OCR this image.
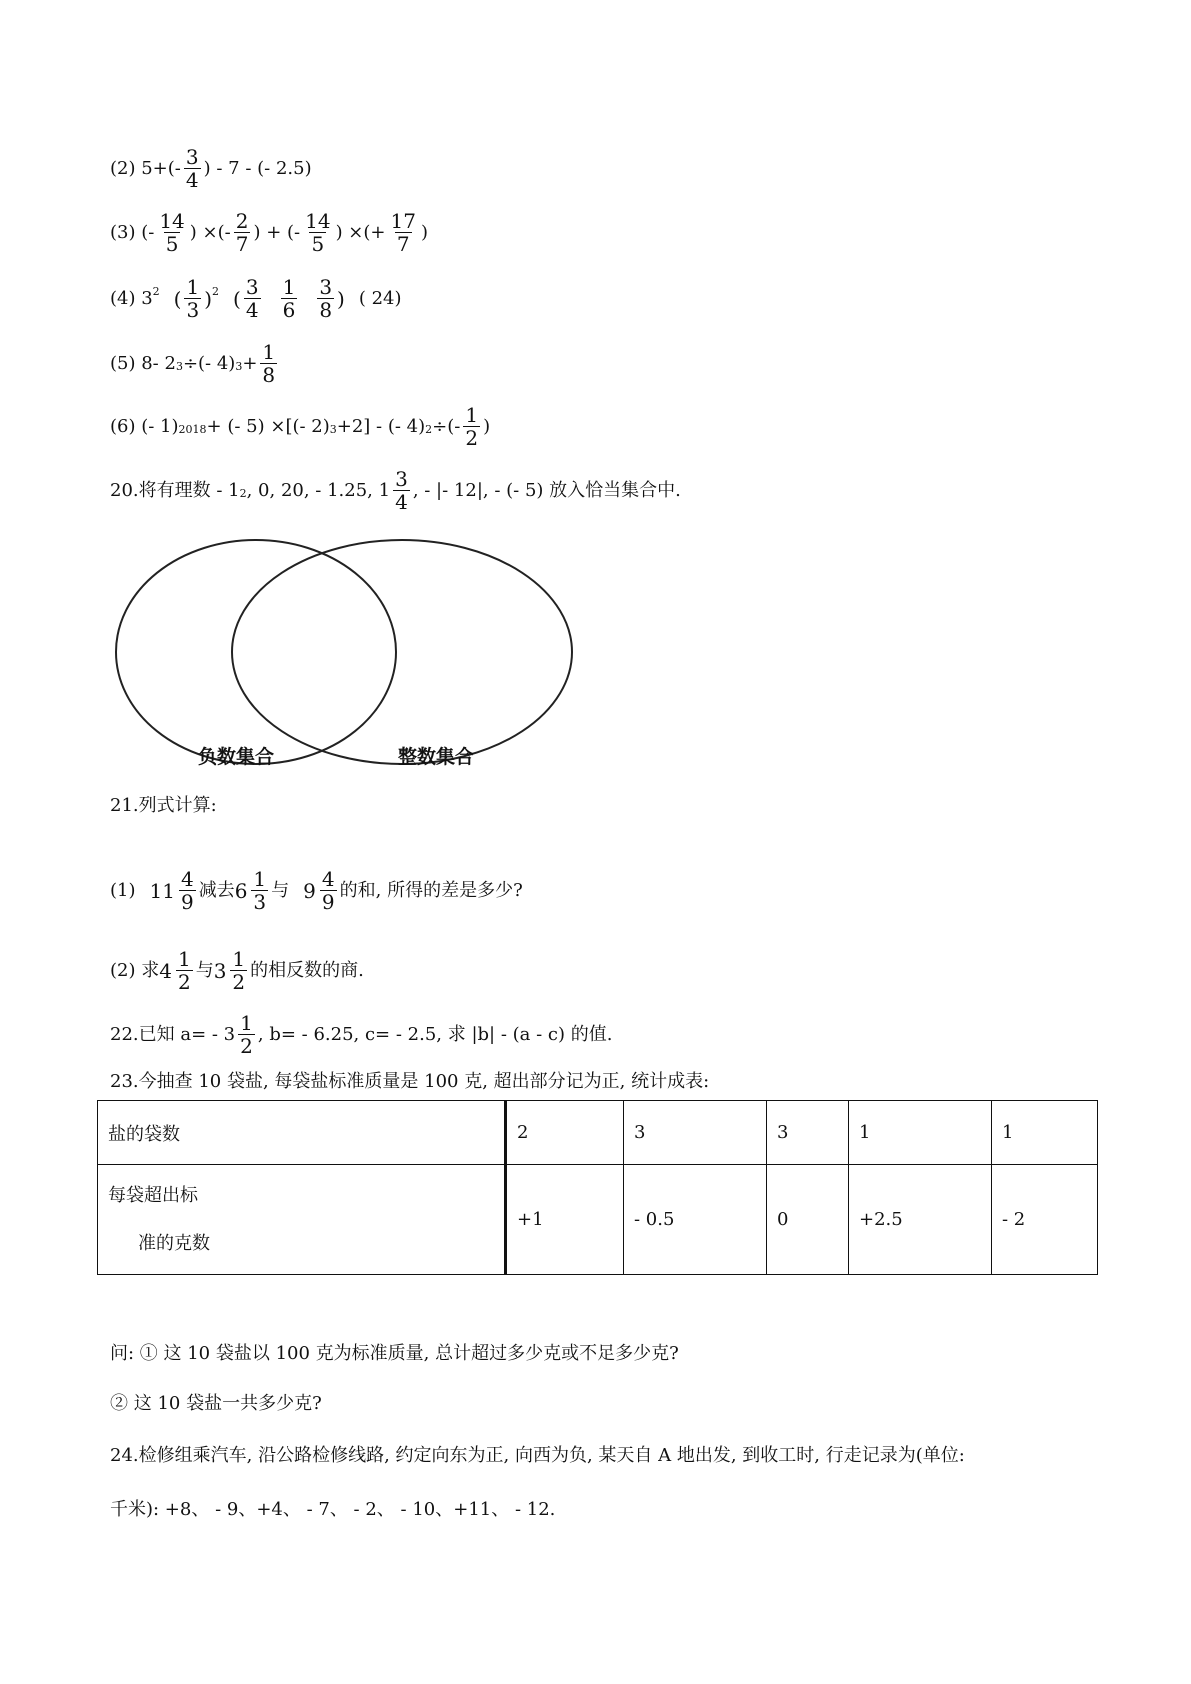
(2) $5+(- \frac{3}{4}$ ) - 7 - (- 2.5)
(3) (- $\frac{14}{5}$ ) ×(- $\frac{2}{7}$ ) + (- $\frac{14}{5}$ ) ×(+ $\frac{17}{7}$ )
(4) 3 2 ( $\frac{1}{3}$ ) 2 ( $\frac{3}{4} \frac{1}{6} \frac{3}{8}$ ) ( 24)
(5) 8- 2 3 ÷(- 4) $3 + \frac{1}{8}$
(6) (- 1) 2018 + (- 5) ×[(- 2) 3 +2] - (- 4) 2 ÷(- $\frac{1}{2}$ )
20.将有理数 - 1 2 , 0, 20, - 1.25, $1 \frac{3}{4}$ , - |- 12|, - (- 5) 放入恰当集合中.
负数集合	整数集合
21.列式计算:
(1) $11 \frac{4}{9}$ 减去 $6 \frac{1}{3}$ 与 $9 \frac{4}{9}$ 的和, 所得的差是多少?
(2) 求 $4 \frac{1}{2}$ 与 $3 \frac{1}{2}$ 的相反数的商.
22.已知 $a= - 3 \frac{1}{2}$ , b= - 6.25, c= - 2.5, 求 |b| - (a - c) 的值.
23.今抽查 10 袋盐, 每袋盐标准质量是 100 克, 超出部分记为正, 统计成表:
盐的袋数	2	3	3	1	1

每袋超出标
准的克数	+1	- 0.5	0	+2.5	- 2
问: ① 这 10 袋盐以 100 克为标准质量, 总计超过多少克或不足多少克?
② 这 10 袋盐一共多少克?
24.检修组乘汽车, 沿公路检修线路, 约定向东为正, 向西为负, 某天自 A 地出发, 到收工时, 行走记录为(单位:
千米): +8、 - 9、+4、 - 7、 - 2、 - 10、+11、 - 12.
